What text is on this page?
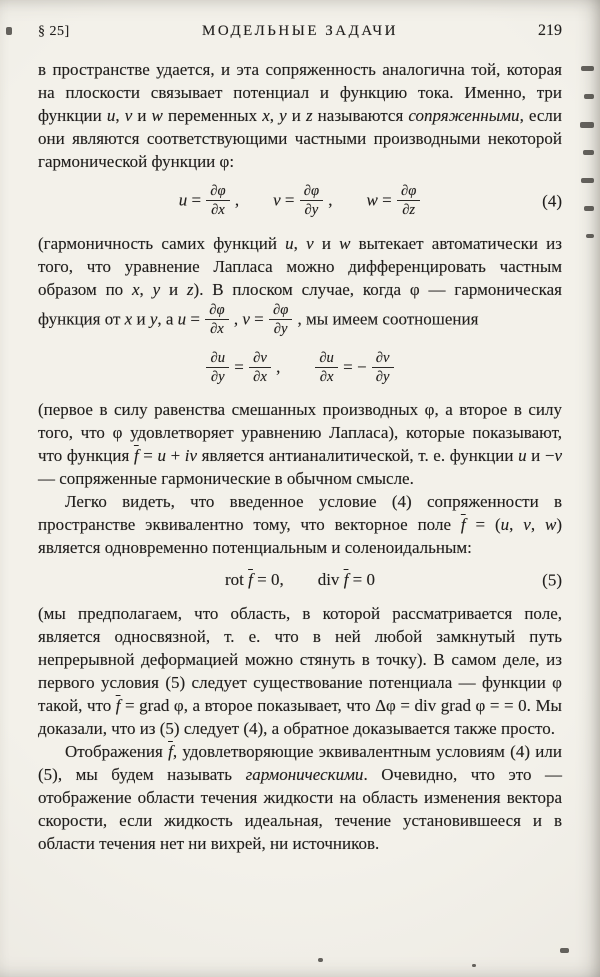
§ 25]	МОДЕЛЬНЫЕ ЗАДАЧИ	219

в пространстве удается, и эта сопряженность аналогична той, которая на плоскости связывает потенциал и функцию тока. Именно, три функции u, v и w переменных x, y и z называются сопряженными, если они являются соответствующими частными производными некоторой гармонической функции φ:

$u = \frac{\partial\varphi}{\partial x}$ ,   $v = \frac{\partial\varphi}{\partial y}$ ,   $w = \frac{\partial\varphi}{\partial z}$	(4)

(гармоничность самих функций u, v и w вытекает автоматически из того, что уравнение Лапласа можно дифференцировать частным образом по x, y и z). В плоском случае, когда φ — гармоническая функция от x и y, а $u = \frac{\partial\varphi}{\partial x}$ , $v = \frac{\partial\varphi}{\partial y}$ , мы имеем соотношения

$\frac{\partial u}{\partial y} = \frac{\partial v}{\partial x}$ ,   $\frac{\partial u}{\partial x}$ = − $\frac{\partial v}{\partial y}$

(первое в силу равенства смешанных производных φ, а второе в силу того, что φ удовлетворяет уравнению Лапласа), которые показывают, что функция $\overline{f} = u$ + iv является антианалитической, т. е. функции u и −v — сопряженные гармонические в обычном смысле.

Легко видеть, что введенное условие (4) сопряженности в пространстве эквивалентно тому, что векторное поле $\overline{f} = (u$, v, w) является одновременно потенциальным и соленоидальным:

rot $\overline{f} = 0$,   div $\overline{f} = 0$	(5)

(мы предполагаем, что область, в которой рассматривается поле, является односвязной, т. е. что в ней любой замкнутый путь непрерывной деформацией можно стянуть в точку). В самом деле, из первого условия (5) следует существование потенциала — функции φ такой, что $\overline{f}$ = grad φ, а второе показывает, что Δφ = div grad φ = = 0. Мы доказали, что из (5) следует (4), а обратное доказывается также просто.

Отображения $\overline{f}$, удовлетворяющие эквивалентным условиям (4) или (5), мы будем называть гармоническими. Очевидно, что это — отображение области течения жидкости на область изменения вектора скорости, если жидкость идеальная, течение установившееся и в области течения нет ни вихрей, ни источников.
